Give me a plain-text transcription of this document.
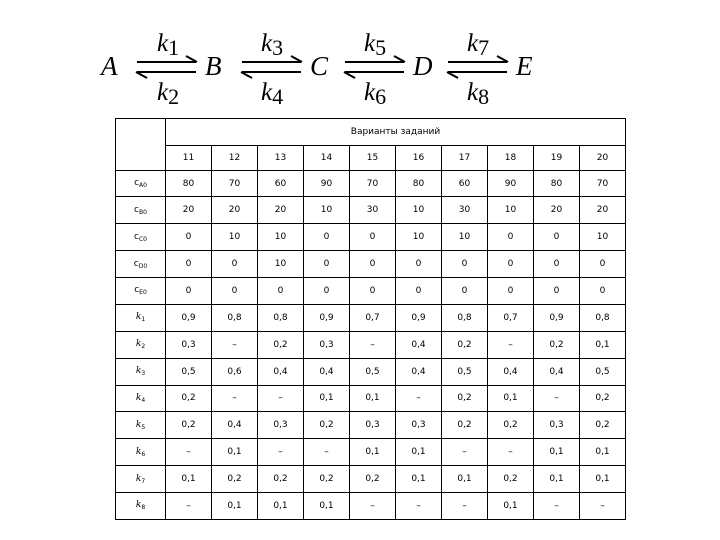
A	B	C	D	E
$k_1$	$k_3$	$k_5$	$k_7$
$k_2$	$k_4$	$k_6$	$k_8$
	Варианты заданий									
	11	12	13	14	15	16	17	18	19	20
$c_{A0}$	80	70	60	90	70	80	60	90	80	70
$c_{B0}$	20	20	20	10	30	10	30	10	20	20
$c_{C0}$	0	10	10	0	0	10	10	0	0	10
$c_{D0}$	0	0	10	0	0	0	0	0	0	0
$c_{E0}$	0	0	0	0	0	0	0	0	0	0
$k_1$	0,9	0,8	0,8	0,9	0,7	0,9	0,8	0,7	0,9	0,8
$k_2$	0,3	–	0,2	0,3	–	0,4	0,2	–	0,2	0,1
$k_3$	0,5	0,6	0,4	0,4	0,5	0,4	0,5	0,4	0,4	0,5
$k_4$	0,2	–	–	0,1	0,1	–	0,2	0,1	–	0,2
$k_5$	0,2	0,4	0,3	0,2	0,3	0,3	0,2	0,2	0,3	0,2
$k_6$	–	0,1	–	–	0,1	0,1	–	–	0,1	0,1
$k_7$	0,1	0,2	0,2	0,2	0,2	0,1	0,1	0,2	0,1	0,1
$k_8$	–	0,1	0,1	0,1	–	–	–	0,1	–	–
